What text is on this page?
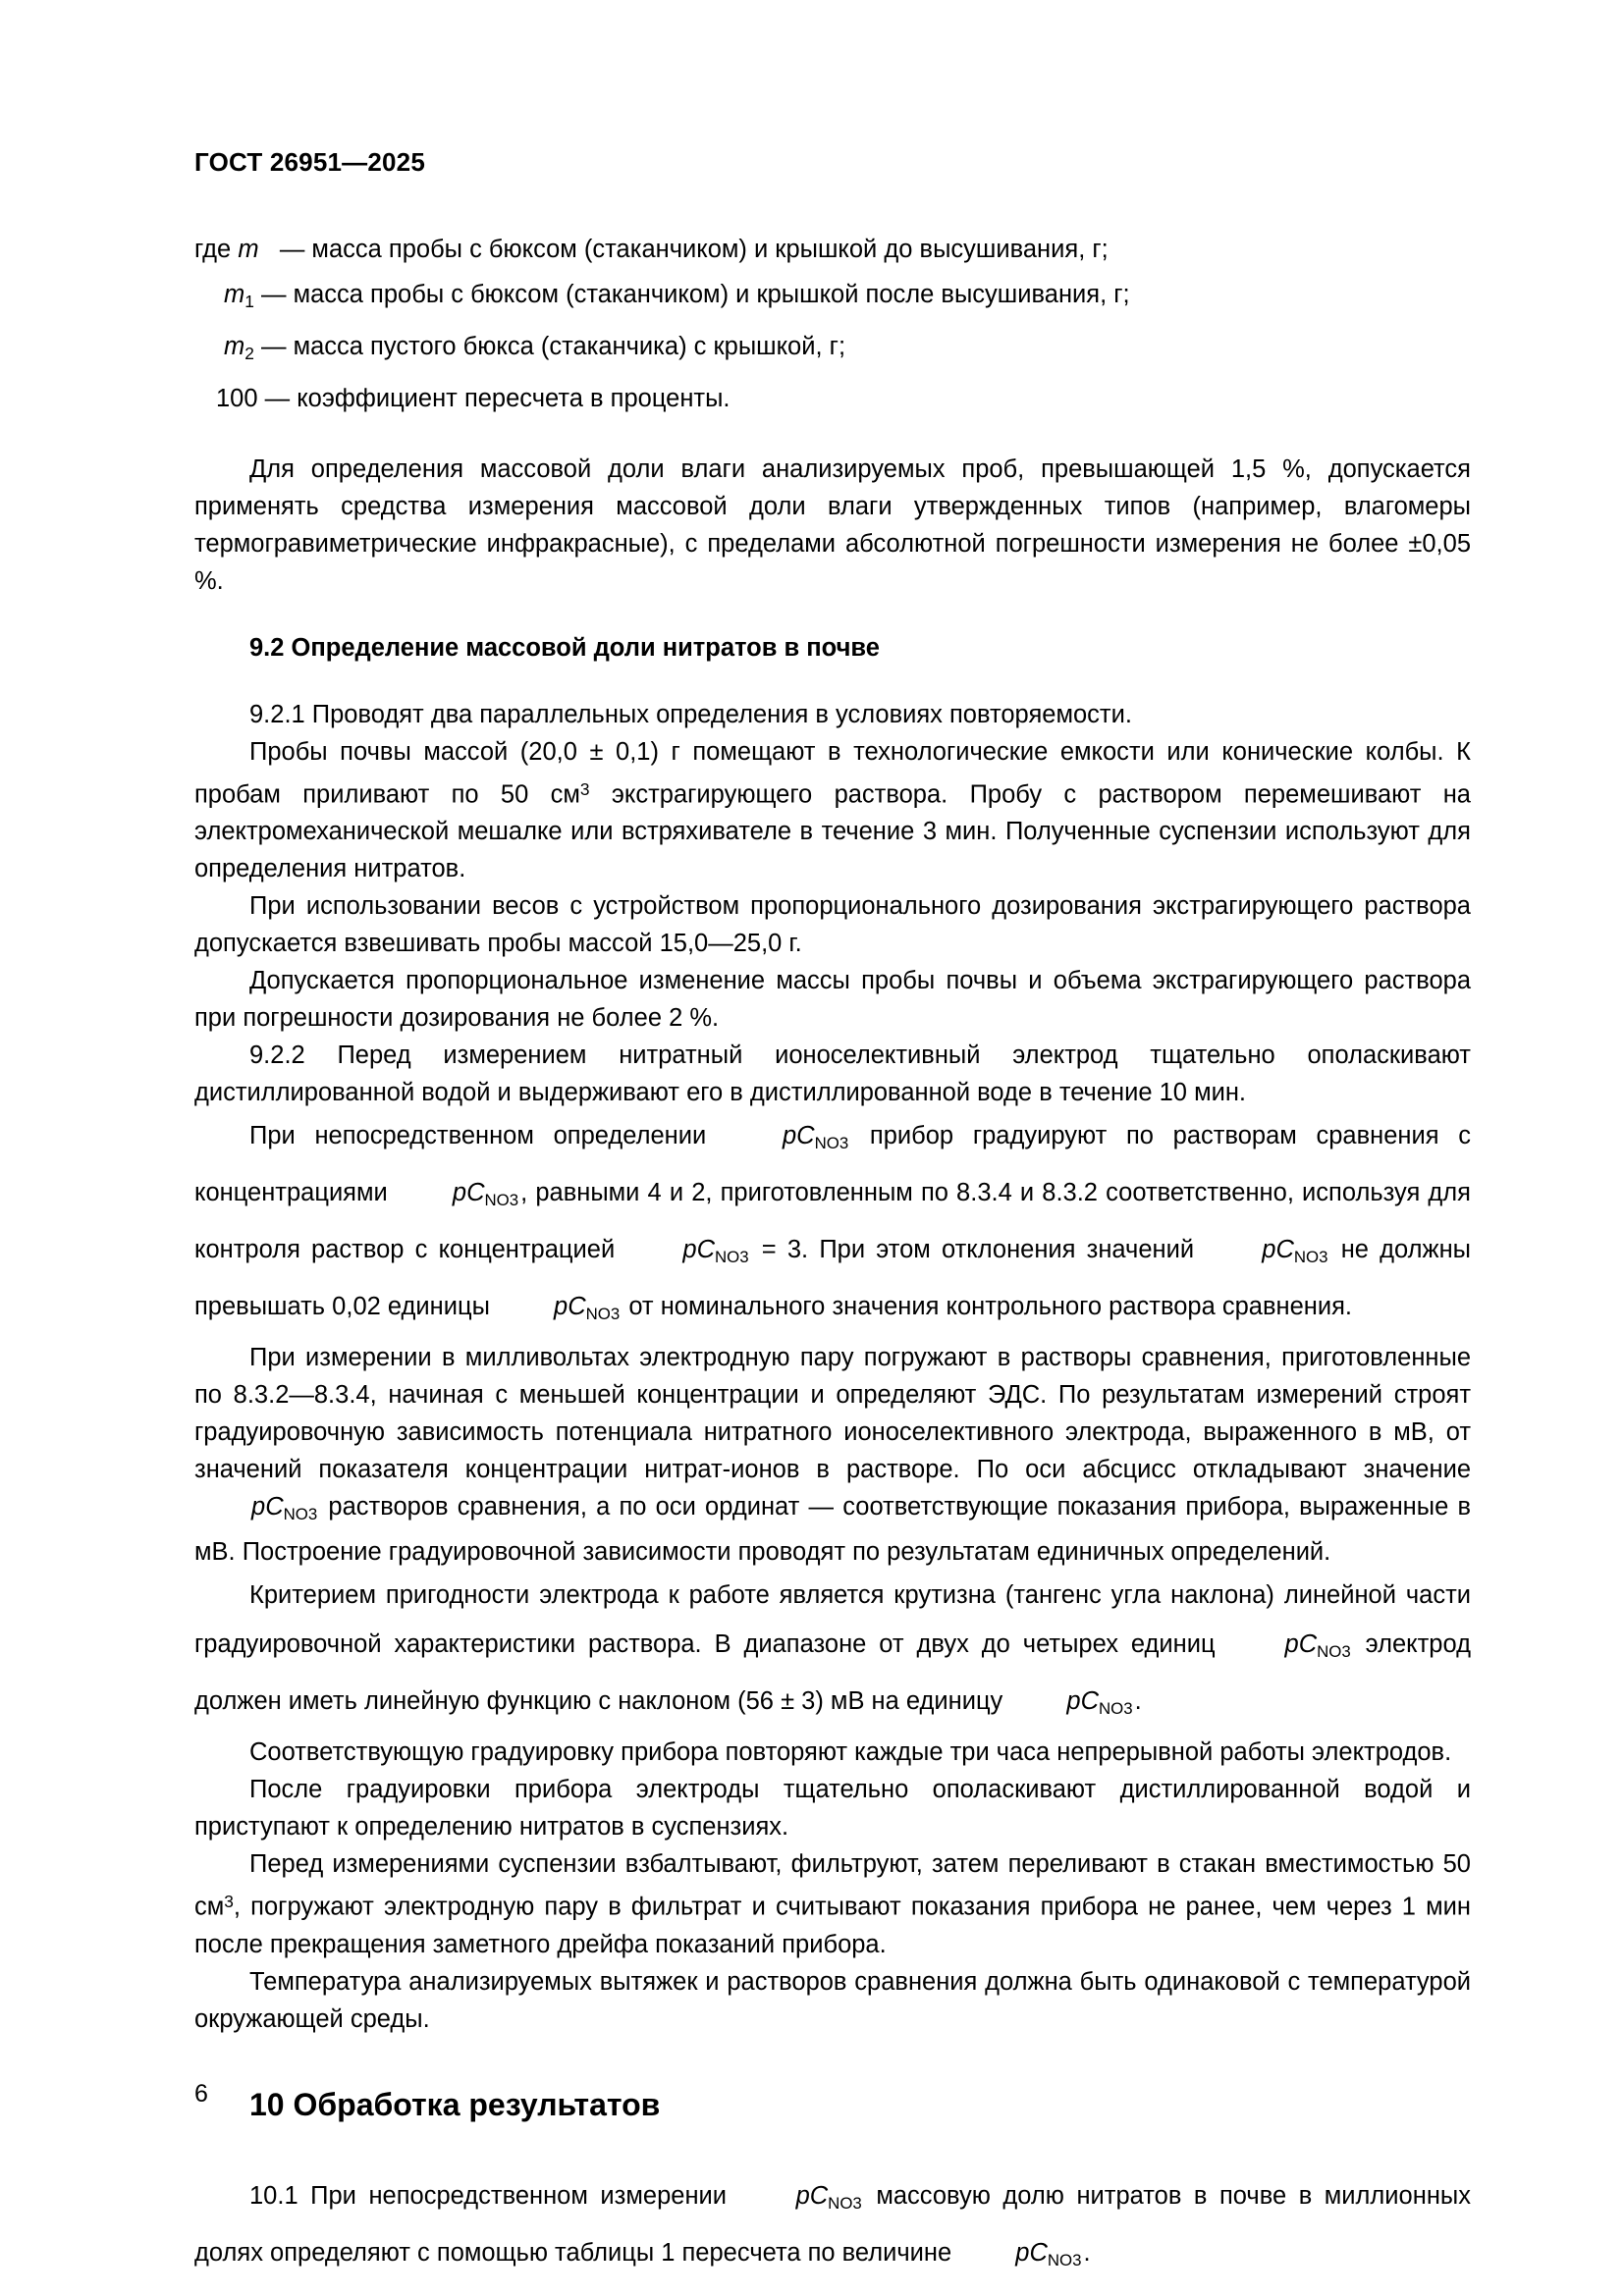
ГОСТ 26951—2025
где m — масса пробы с бюксом (стаканчиком) и крышкой до высушивания, г;
$m_1$ — масса пробы с бюксом (стаканчиком) и крышкой после высушивания, г;
$m_2$ — масса пустого бюкса (стаканчика) с крышкой, г;
100 — коэффициент пересчета в проценты.

Для определения массовой доли влаги анализируемых проб, превышающей 1,5 %, допускается применять средства измерения массовой доли влаги утвержденных типов (например, влагомеры термогравиметрические инфракрасные), с пределами абсолютной погрешности измерения не более ±0,05 %.

9.2 Определение массовой доли нитратов в почве

9.2.1 Проводят два параллельных определения в условиях повторяемости.

Пробы почвы массой (20,0 ± 0,1) г помещают в технологические емкости или конические колбы. К пробам приливают по 50 $см^3$ экстрагирующего раствора. Пробу с раствором перемешивают на электромеханической мешалке или встряхивателе в течение 3 мин. Полученные суспензии используют для определения нитратов.

При использовании весов с устройством пропорционального дозирования экстрагирующего раствора допускается взвешивать пробы массой 15,0—25,0 г.

Допускается пропорциональное изменение массы пробы почвы и объема экстрагирующего раствора при погрешности дозирования не более 2 %.

9.2.2 Перед измерением нитратный ионоселективный электрод тщательно ополаскивают дистиллированной водой и выдерживают его в дистиллированной воде в течение 10 мин.

При непосредственном определении	$pC_{NO3}$ прибор градуируют по растворам сравнения с концентрациями	$pC_{NO3}$, равными 4 и 2, приготовленным по 8.3.4 и 8.3.2 соответственно, используя для контроля раствор с концентрацией	$pC_{NO3} = 3$. При этом отклонения значений	$pC_{NO3}$ не должны превышать 0,02 единицы	$pC_{NO3}$ от номинального значения контрольного раствора сравнения.

При измерении в милливольтах электродную пару погружают в растворы сравнения, приготовленные по 8.3.2—8.3.4, начиная с меньшей концентрации и определяют ЭДС. По результатам измерений строят градуировочную зависимость потенциала нитратного ионоселективного электрода, выраженного в мВ, от значений показателя концентрации нитрат-ионов в растворе. По оси абсцисс откладывают значение $pC_{NO3}$ растворов сравнения, а по оси ординат — соответствующие показания прибора, выраженные в мВ. Построение градуировочной зависимости проводят по результатам единичных определений.

Критерием пригодности электрода к работе является крутизна (тангенс угла наклона) линейной части градуировочной характеристики раствора. В диапазоне от двух до четырех единиц	$pC_{NO3}$ электрод должен иметь линейную функцию с наклоном (56 ± 3) мВ на единицу	$pC_{NO3}$.

Соответствующую градуировку прибора повторяют каждые три часа непрерывной работы электродов.

После градуировки прибора электроды тщательно ополаскивают дистиллированной водой и приступают к определению нитратов в суспензиях.

Перед измерениями суспензии взбалтывают, фильтруют, затем переливают в стакан вместимостью 50 $см^3$, погружают электродную пару в фильтрат и считывают показания прибора не ранее, чем через 1 мин после прекращения заметного дрейфа показаний прибора.

Температура анализируемых вытяжек и растворов сравнения должна быть одинаковой с температурой окружающей среды.

10 Обработка результатов

10.1 При непосредственном измерении	$pC_{NO3}$ массовую долю нитратов в почве в миллионных долях определяют с помощью таблицы 1 пересчета по величине	$pC_{NO3}$.

6
